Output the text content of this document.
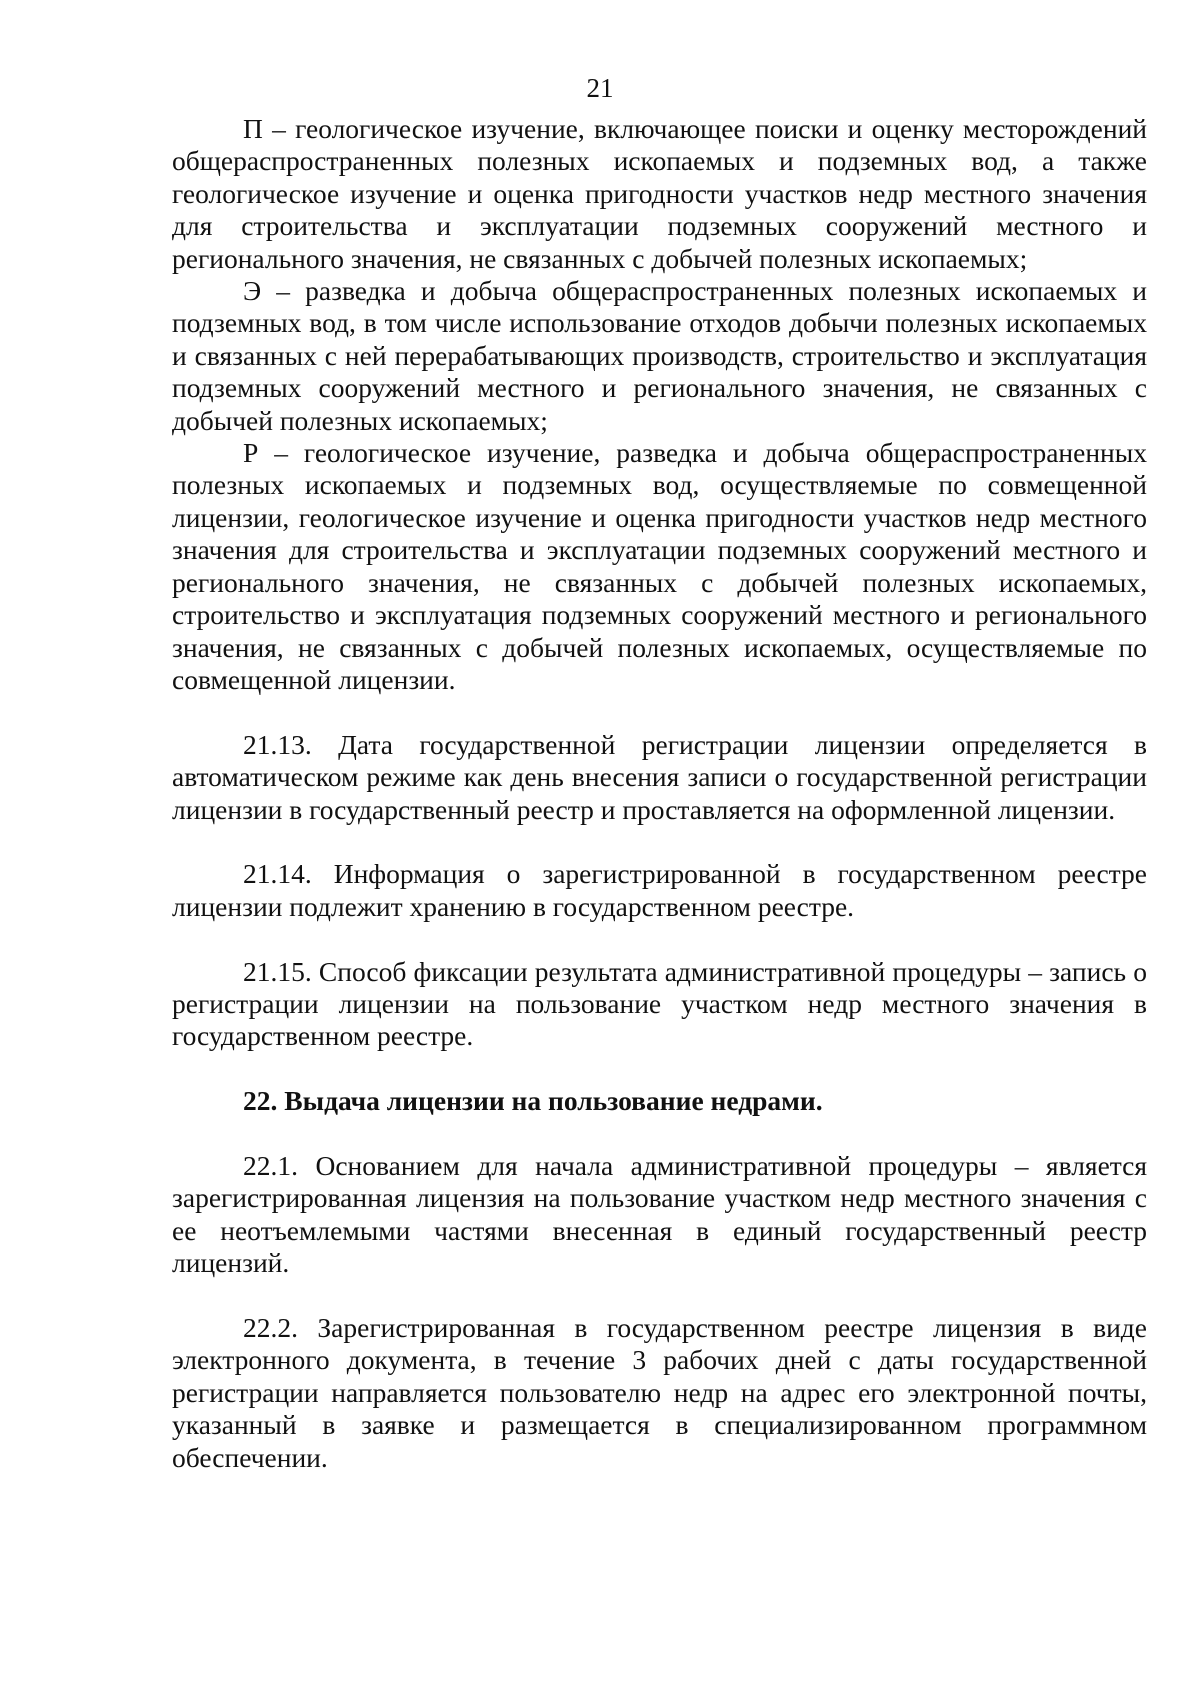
21

П – геологическое изучение, включающее поиски и оценку месторождений общераспространенных полезных ископаемых и подземных вод, а также геологическое изучение и оценка пригодности участков недр местного значения для строительства и эксплуатации подземных сооружений местного и регионального значения, не связанных с добычей полезных ископаемых;

Э – разведка и добыча общераспространенных полезных ископаемых и подземных вод, в том числе использование отходов добычи полезных ископаемых и связанных с ней перерабатывающих производств, строительство и эксплуатация подземных сооружений местного и регионального значения, не связанных с добычей полезных ископаемых;

Р – геологическое изучение, разведка и добыча общераспространенных полезных ископаемых и подземных вод, осуществляемые по совмещенной лицензии, геологическое изучение и оценка пригодности участков недр местного значения для строительства и эксплуатации подземных сооружений местного и регионального значения, не связанных с добычей полезных ископаемых, строительство и эксплуатация подземных сооружений местного и регионального значения, не связанных с добычей полезных ископаемых, осуществляемые по совмещенной лицензии.

21.13. Дата государственной регистрации лицензии определяется в автоматическом режиме как день внесения записи о государственной регистрации лицензии в государственный реестр и проставляется на оформленной лицензии.

21.14. Информация о зарегистрированной в государственном реестре лицензии подлежит хранению в государственном реестре.

21.15. Способ фиксации результата административной процедуры – запись о регистрации лицензии на пользование участком недр местного значения в государственном реестре.

22. Выдача лицензии на пользование недрами.

22.1. Основанием для начала административной процедуры – является зарегистрированная лицензия на пользование участком недр местного значения с ее неотъемлемыми частями внесенная в единый государственный реестр лицензий.

22.2. Зарегистрированная в государственном реестре лицензия в виде электронного документа, в течение 3 рабочих дней с даты государственной регистрации направляется пользователю недр на адрес его электронной почты, указанный в заявке и размещается в специализированном программном обеспечении.
